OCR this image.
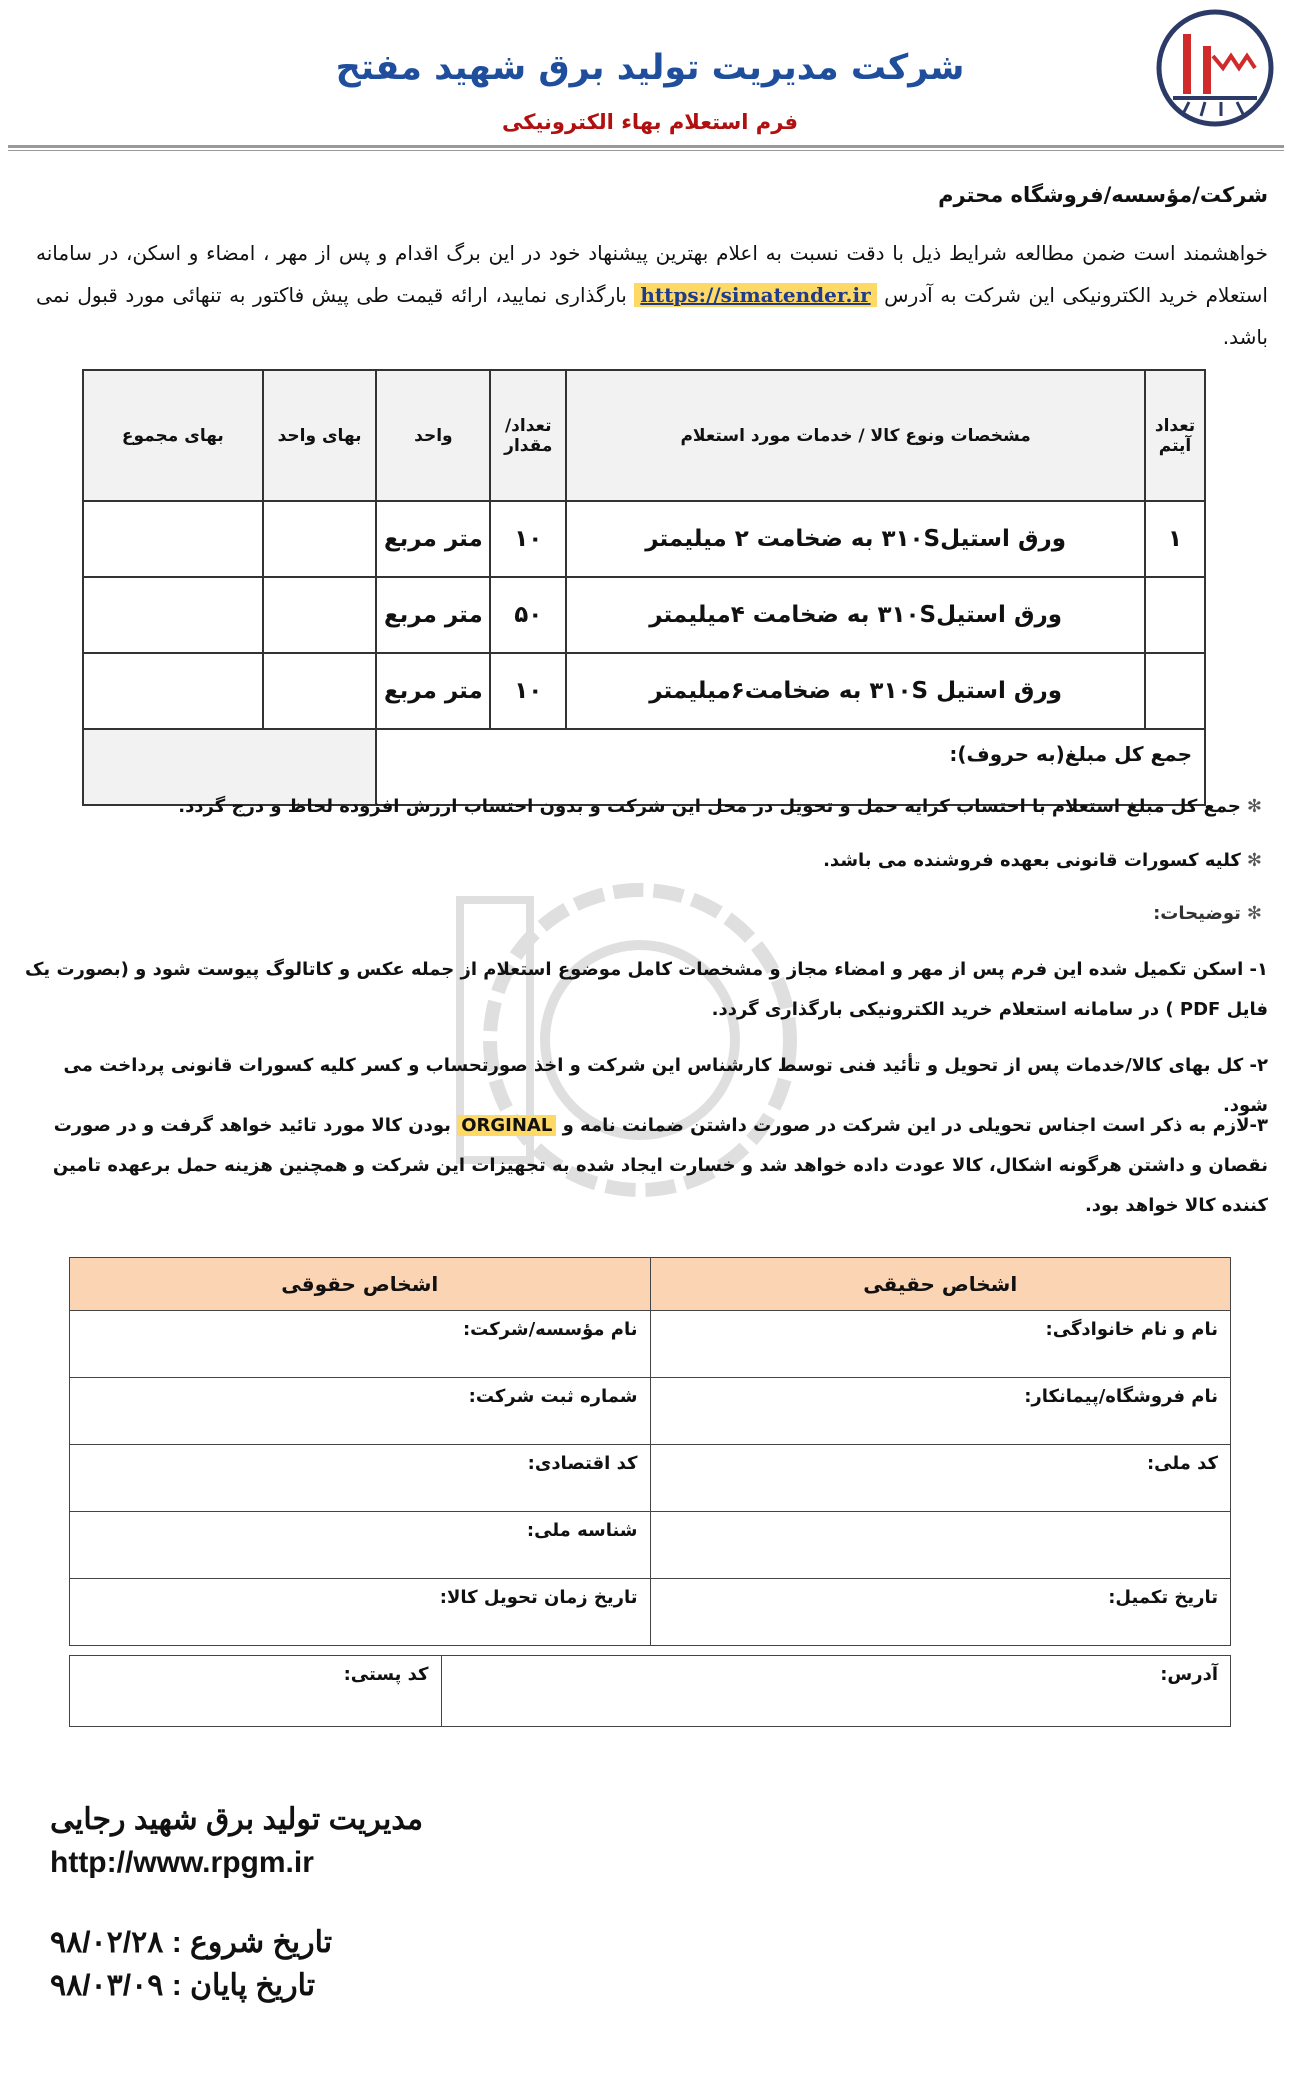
شرکت مدیریت تولید برق شهید مفتح
فرم استعلام بهاء الکترونیکی
شرکت/مؤسسه/فروشگاه محترم
خواهشمند است ضمن مطالعه شرایط ذیل با دقت نسبت به اعلام بهترین پیشنهاد خود در این برگ اقدام و پس از مهر ، امضاء و اسکن، در سامانه استعلام خرید الکترونیکی این شرکت به آدرس https://simatender.ir بارگذاری نمایید، ارائه قیمت طی پیش فاکتور به تنهائی مورد قبول نمی باشد.
تعداد آیتم	مشخصات ونوع کالا / خدمات مورد استعلام	تعداد/ مقدار	واحد	بهای واحد	بهای مجموع
۱	ورق استیل۳۱۰S به ضخامت ۲ میلیمتر	۱۰	متر مربع		
	ورق استیل۳۱۰S به ضخامت ۴میلیمتر	۵۰	متر مربع		
	ورق استیل ۳۱۰S به ضخامت۶میلیمتر	۱۰	متر مربع		
جمع کل مبلغ(به حروف):					
✻جمع کل مبلغ استعلام با احتساب کرایه حمل و تحویل در محل این شرکت و بدون احتساب ارزش افزوده لحاظ و درج گردد.
✻کلیه کسورات قانونی بعهده فروشنده می باشد.
✻توضیحات:
۱- اسکن تکمیل شده این فرم پس از مهر و امضاء مجاز و مشخصات کامل موضوع استعلام از جمله عکس و کاتالوگ پیوست شود و (بصورت یک فایل PDF ) در سامانه استعلام خرید الکترونیکی بارگذاری گردد.
۲- کل بهای کالا/خدمات پس از تحویل و تأئید فنی توسط کارشناس این شرکت و اخذ صورتحساب و کسر کلیه کسورات قانونی پرداخت می شود.
۳-لازم به ذکر است اجناس تحویلی در این شرکت در صورت داشتن ضمانت نامه و ORGINAL بودن کالا مورد تائید خواهد گرفت و در صورت نقصان و داشتن هرگونه اشکال، کالا عودت داده خواهد شد و خسارت ایجاد شده به تجهیزات این شرکت و همچنین هزینه حمل برعهده تامین کننده کالا خواهد بود.
اشخاص حقیقی	اشخاص حقوقی
نام و نام خانوادگی:	نام مؤسسه/شرکت:
نام فروشگاه/پیمانکار:	شماره ثبت شرکت:
کد ملی:	کد اقتصادی:
	شناسه ملی:
تاریخ تکمیل:	تاریخ زمان تحویل کالا:
آدرس:	کد پستی:
مدیریت تولید برق شهید رجایی
http://www.rpgm.ir
تاریخ شروع : ۹۸/۰۲/۲۸
تاریخ پایان : ۹۸/۰۳/۰۹
